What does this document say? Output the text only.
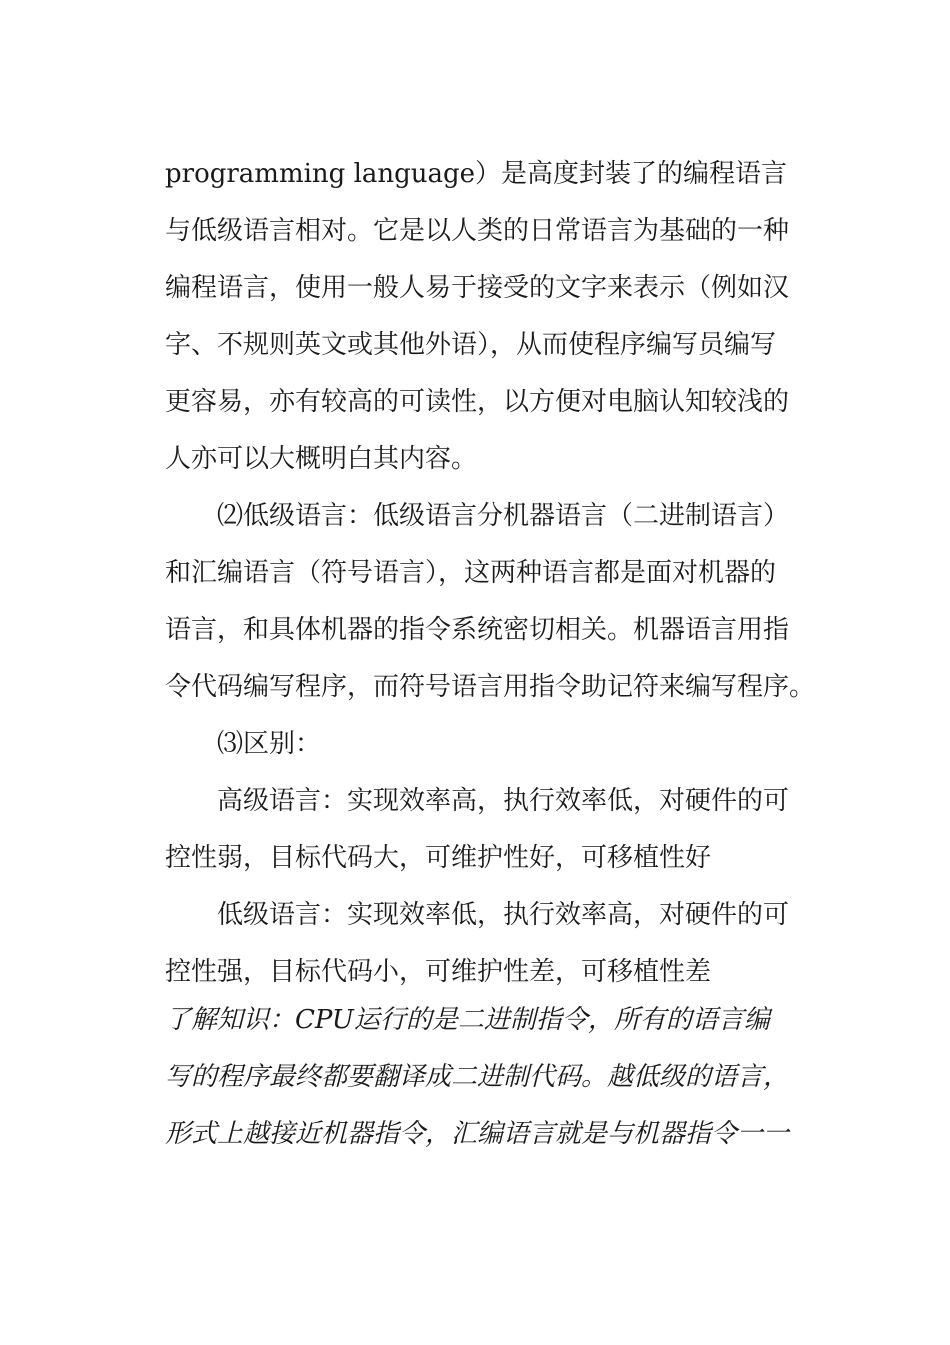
programming language）是高度封装了的编程语言
与低级语言相对。它是以人类的日常语言为基础的一种
编程语言，使用一般人易于接受的文字来表示（例如汉
字、不规则英文或其他外语），从而使程序编写员编写
更容易，亦有较高的可读性，以方便对电脑认知较浅的
人亦可以大概明白其内容。
⑵低级语言：低级语言分机器语言（二进制语言）
和汇编语言（符号语言），这两种语言都是面对机器的
语言，和具体机器的指令系统密切相关。机器语言用指
令代码编写程序，而符号语言用指令助记符来编写程序。
⑶区别：
高级语言：实现效率高，执行效率低，对硬件的可
控性弱，目标代码大，可维护性好，可移植性好
低级语言：实现效率低，执行效率高，对硬件的可
控性强，目标代码小，可维护性差，可移植性差
了解知识：CPU运行的是二进制指令，所有的语言编
写的程序最终都要翻译成二进制代码。越低级的语言，
形式上越接近机器指令，汇编语言就是与机器指令一一
